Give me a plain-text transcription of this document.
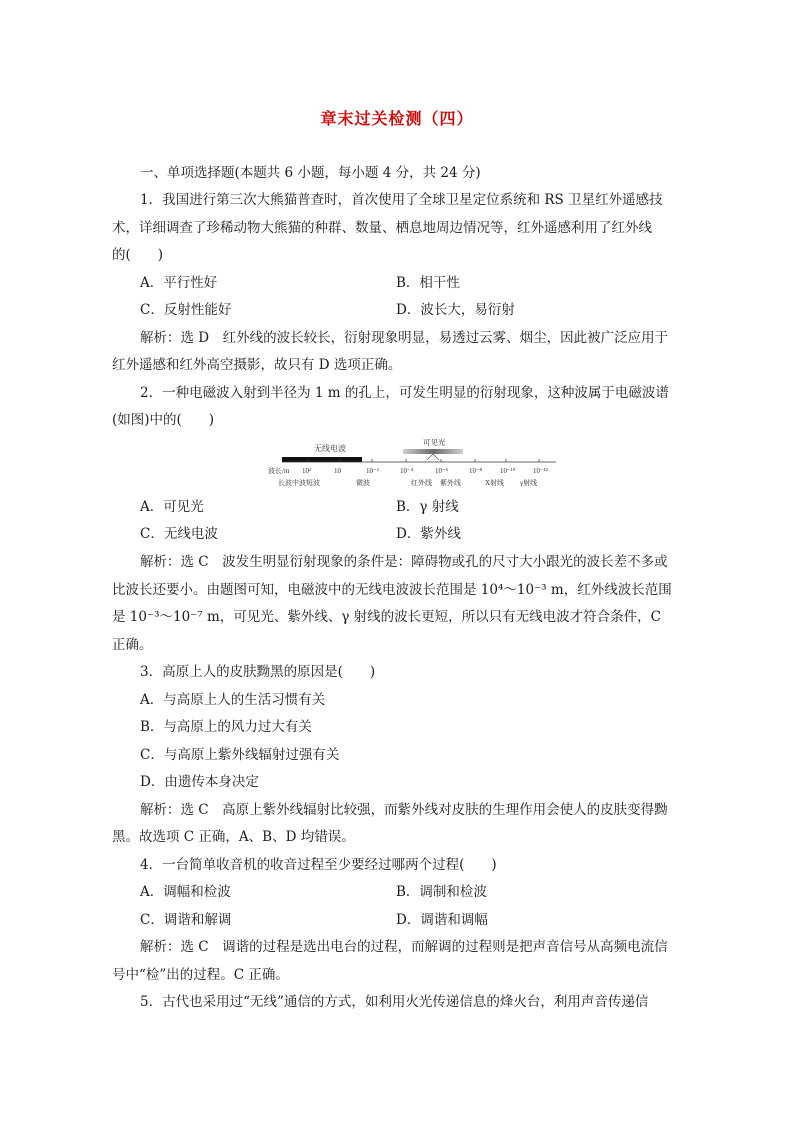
章末过关检测（四）
一、单项选择题(本题共 6 小题，每小题 4 分，共 24 分)
1．我国进行第三次大熊猫普查时，首次使用了全球卫星定位系统和 RS 卫星红外遥感技
术，详细调查了珍稀动物大熊猫的种群、数量、栖息地周边情况等，红外遥感利用了红外线
的(　　)
A．平行性好	B．相干性
C．反射性能好	D．波长大，易衍射
解析：选 D　红外线的波长较长，衍射现象明显，易透过云雾、烟尘，因此被广泛应用于
红外遥感和红外高空摄影，故只有 D 选项正确。
2．一种电磁波入射到半径为 1 m 的孔上，可发生明显的衍射现象，这种波属于电磁波谱
(如图)中的(　　)
无线电波
可见光
波长/m 10²	10	10⁻²	10⁻⁴	10⁻⁶	10⁻⁸	10⁻¹⁰ 10⁻¹²
长波中波短波	微波	红外线 紫外线	X射线 γ射线
A．可见光	B．γ 射线
C．无线电波	D．紫外线
解析：选 C　波发生明显衍射现象的条件是：障碍物或孔的尺寸大小跟光的波长差不多或
比波长还要小。由题图可知，电磁波中的无线电波波长范围是 10⁴～10⁻³ m，红外线波长范围
是 10⁻³～10⁻⁷ m，可见光、紫外线、γ 射线的波长更短，所以只有无线电波才符合条件，C
正确。
3．高原上人的皮肤黝黑的原因是(　　)
A．与高原上人的生活习惯有关
B．与高原上的风力过大有关
C．与高原上紫外线辐射过强有关
D．由遗传本身决定
解析：选 C　高原上紫外线辐射比较强，而紫外线对皮肤的生理作用会使人的皮肤变得黝
黑。故选项 C 正确，A、B、D 均错误。
4．一台简单收音机的收音过程至少要经过哪两个过程(　　)
A．调幅和检波	B．调制和检波
C．调谐和解调	D．调谐和调幅
解析：选 C　调谐的过程是选出电台的过程，而解调的过程则是把声音信号从高频电流信
号中“检”出的过程。C 正确。
5．古代也采用过“无线”通信的方式，如利用火光传递信息的烽火台，利用声音传递信
